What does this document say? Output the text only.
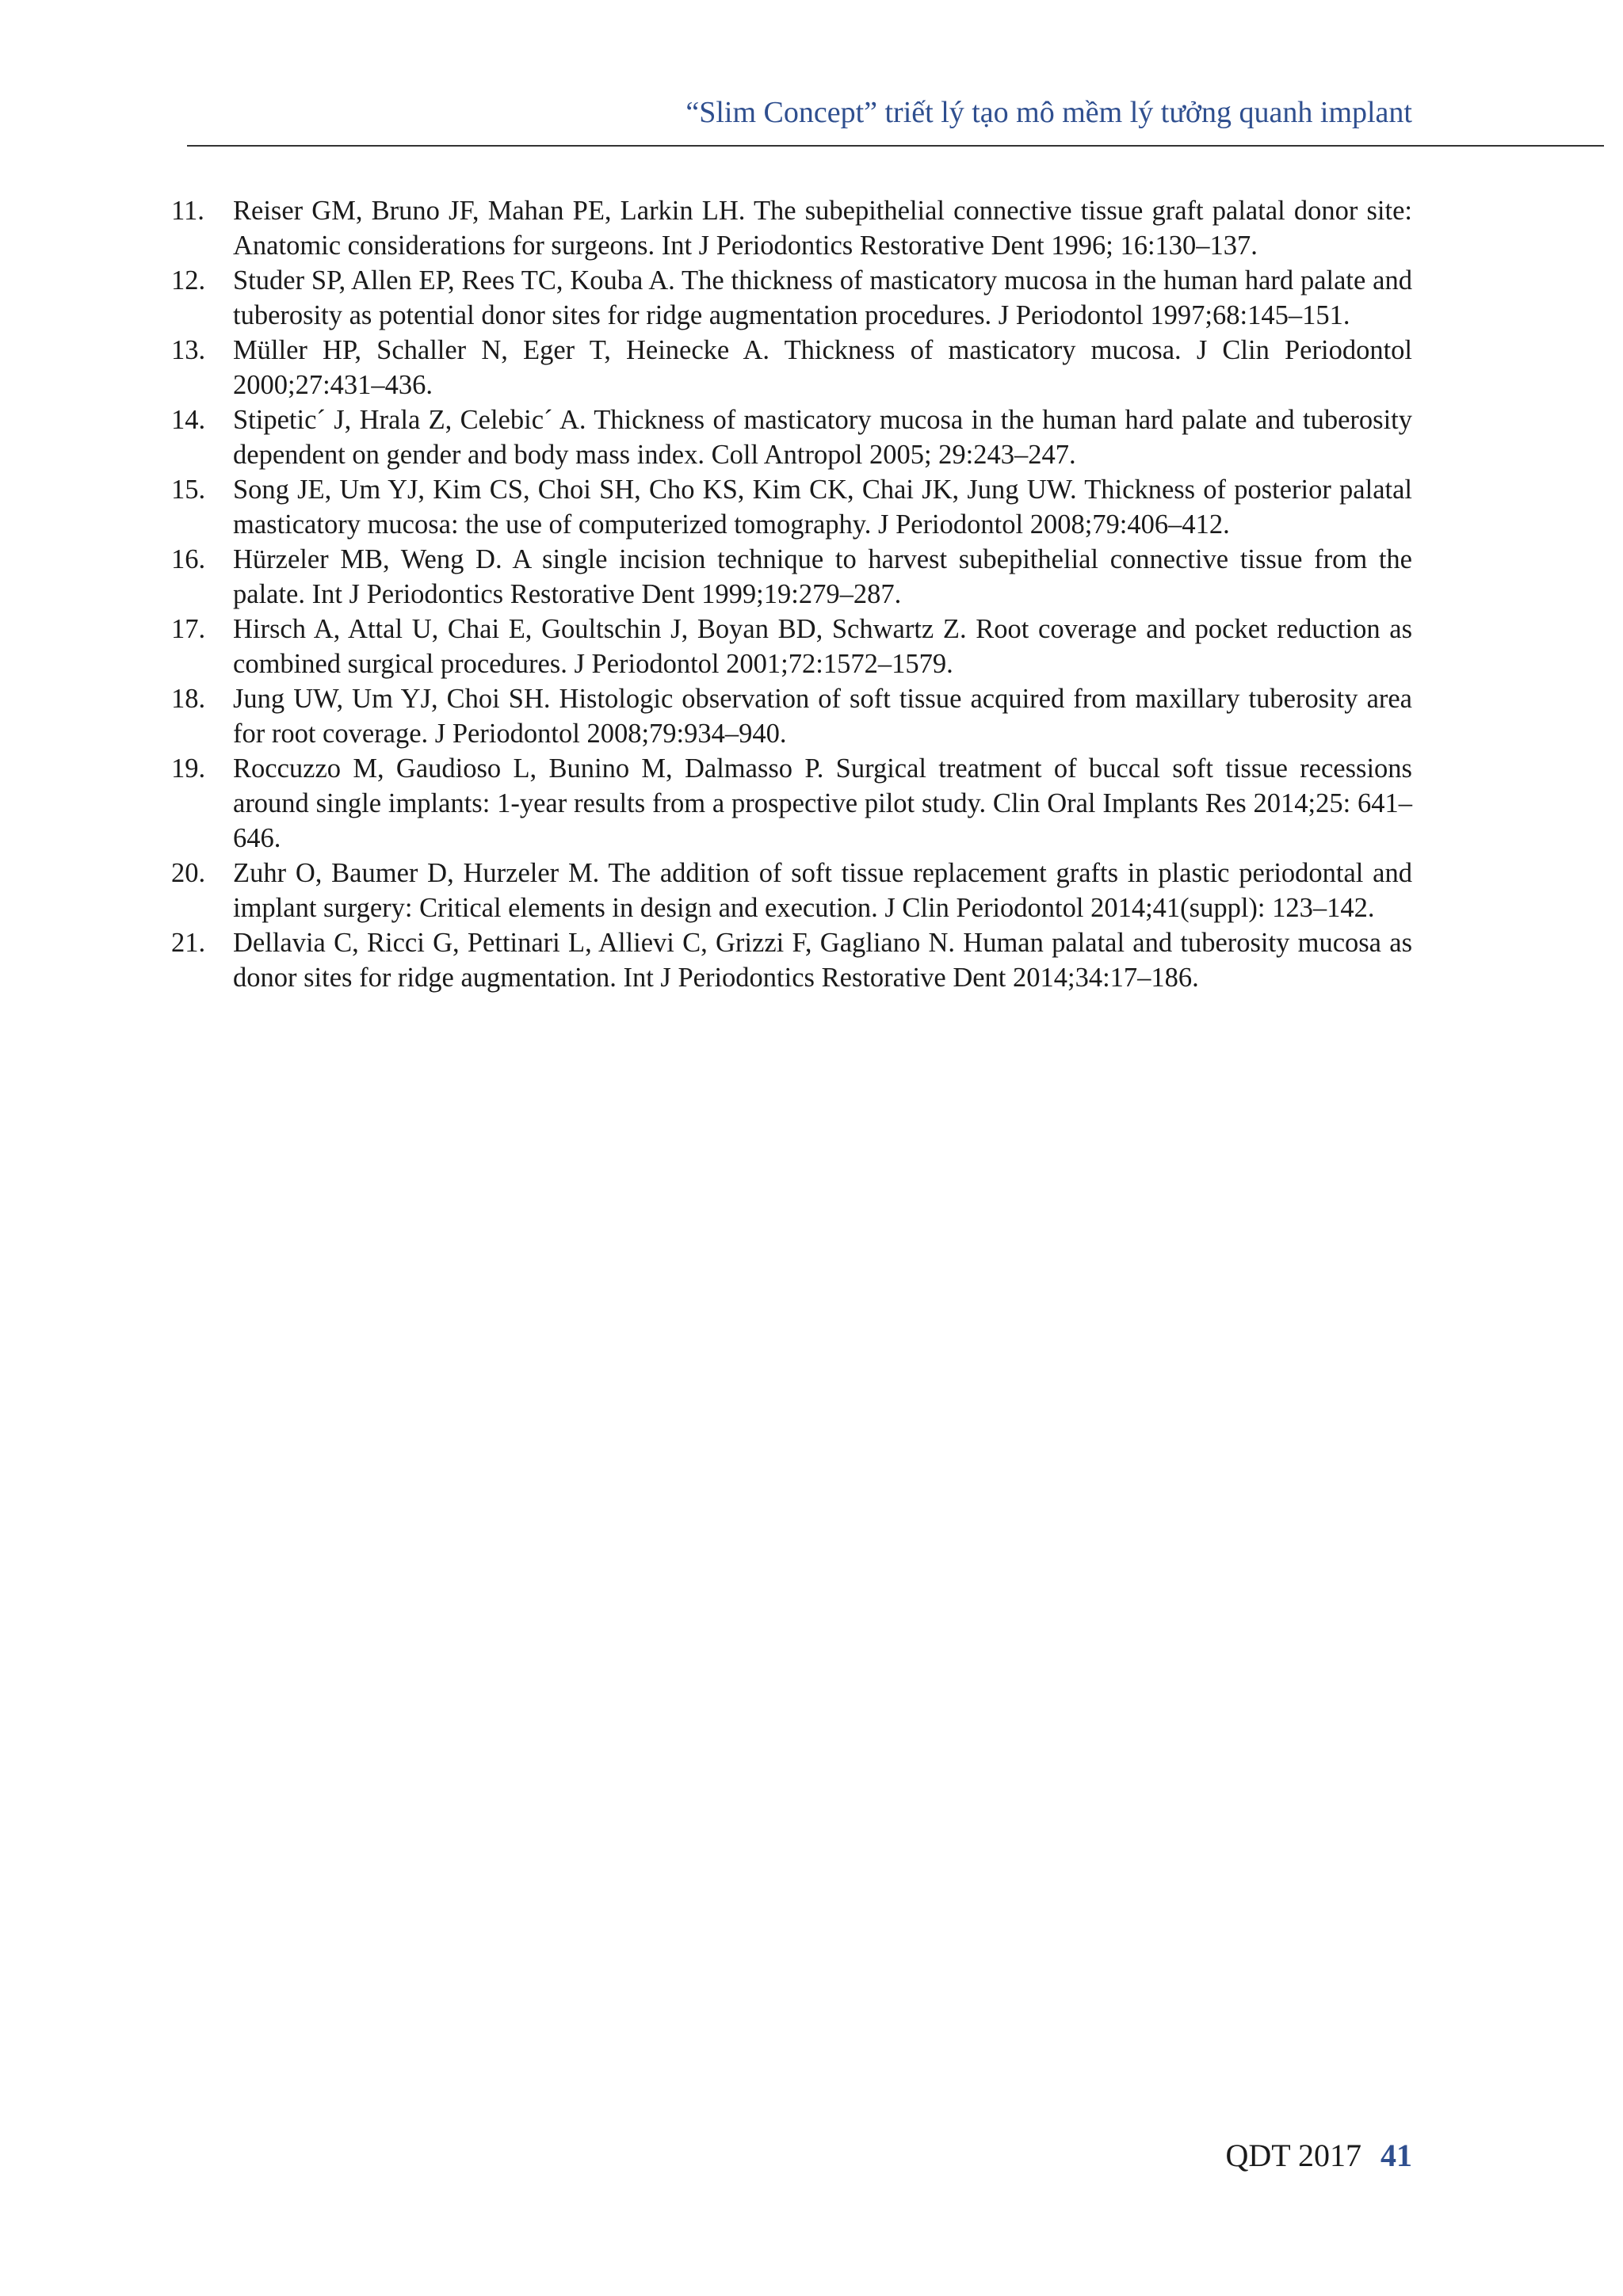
“Slim Concept” triết lý tạo mô mềm lý tưởng quanh implant
11.	Reiser GM, Bruno JF, Mahan PE, Larkin LH. The subepithelial connective tissue graft palatal donor site: Anatomic considerations for surgeons. Int J Periodontics Restorative Dent 1996; 16:130–137.
12.	Studer SP, Allen EP, Rees TC, Kouba A. The thickness of masticatory mucosa in the human hard palate and tuberosity as potential donor sites for ridge augmentation procedures. J Periodontol 1997;68:145–151.
13.	Müller HP, Schaller N, Eger T, Heinecke A. Thickness of masticatory mucosa. J Clin Periodontol 2000;27:431–436.
14.	Stipetic´ J, Hrala Z, Celebic´ A. Thickness of masticatory mucosa in the human hard palate and tuberosity dependent on gender and body mass index. Coll Antropol 2005; 29:243–247.
15.	Song JE, Um YJ, Kim CS, Choi SH, Cho KS, Kim CK, Chai JK, Jung UW. Thickness of posterior palatal masticatory mucosa: the use of computerized tomography. J Periodontol 2008;79:406–412.
16.	Hürzeler MB, Weng D. A single incision technique to harvest subepithelial connective tissue from the palate. Int J Periodontics Restorative Dent 1999;19:279–287.
17.	Hirsch A, Attal U, Chai E, Goultschin J, Boyan BD, Schwartz Z. Root coverage and pocket reduction as combined surgical procedures. J Periodontol 2001;72:1572–1579.
18.	Jung UW, Um YJ, Choi SH. Histologic observation of soft tissue acquired from maxillary tuberosity area for root coverage. J Periodontol 2008;79:934–940.
19.	Roccuzzo M, Gaudioso L, Bunino M, Dalmasso P. Surgical treatment of buccal soft tissue recessions around single implants: 1-year results from a prospective pilot study. Clin Oral Implants Res 2014;25: 641–646.
20.	Zuhr O, Baumer D, Hurzeler M. The addition of soft tissue replacement grafts in plastic periodontal and implant surgery: Critical elements in design and execution. J Clin Periodontol 2014;41(suppl): 123–142.
21.	Dellavia C, Ricci G, Pettinari L, Allievi C, Grizzi F, Gagliano N. Human palatal and tuberosity mucosa as donor sites for ridge augmentation. Int J Periodontics Restorative Dent 2014;34:17–186.
QDT 2017 41
